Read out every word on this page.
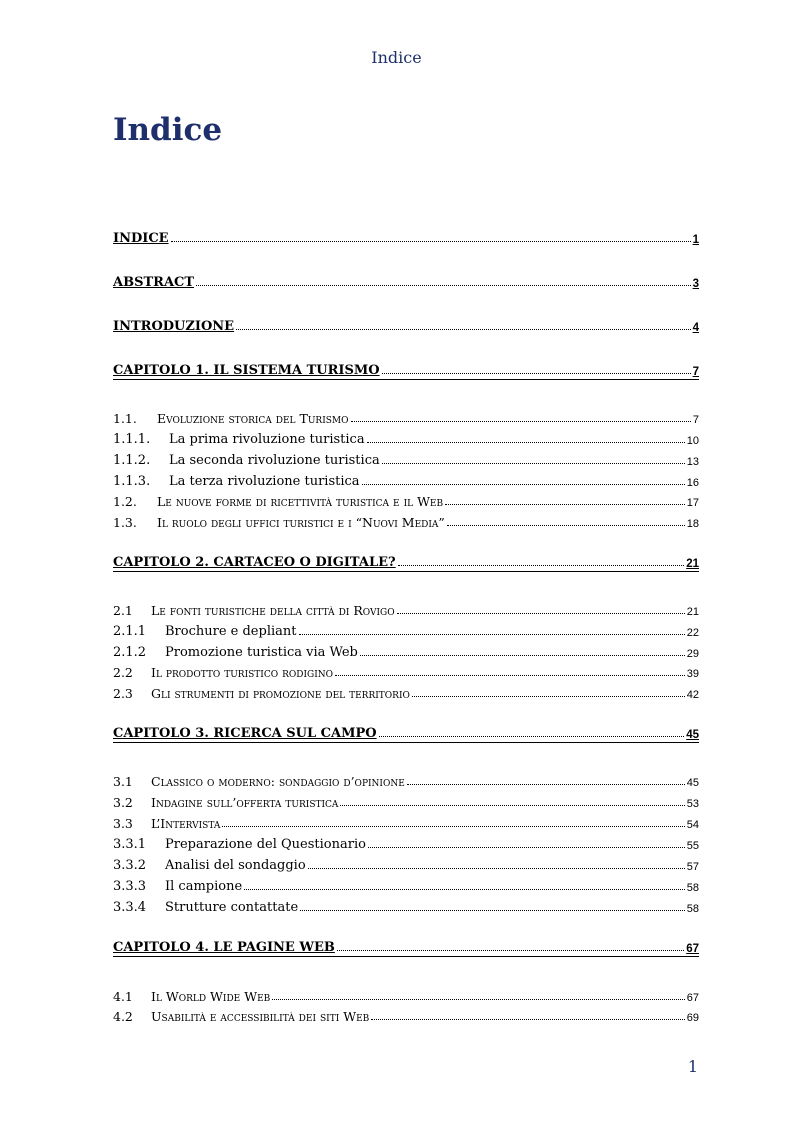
Indice
Indice
INDICE	1
ABSTRACT	3
INTRODUZIONE	4
CAPITOLO 1. IL SISTEMA TURISMO	7
1.1.	Evoluzione storica del Turismo	7
1.1.1.	La prima rivoluzione turistica	10
1.1.2.	La seconda rivoluzione turistica	13
1.1.3.	La terza rivoluzione turistica	16
1.2.	Le nuove forme di ricettività turistica e il Web	17
1.3.	Il ruolo degli uffici turistici e i “Nuovi Media”	18
CAPITOLO 2. CARTACEO O DIGITALE?	21
2.1	Le fonti turistiche della città di Rovigo	21
2.1.1	Brochure e depliant	22
2.1.2	Promozione turistica via Web	29
2.2	Il prodotto turistico rodigino	39
2.3	Gli strumenti di promozione del territorio	42
CAPITOLO 3. RICERCA SUL CAMPO	45
3.1	Classico o moderno: sondaggio d’opinione	45
3.2	Indagine sull’offerta turistica	53
3.3	L’Intervista	54
3.3.1	Preparazione del Questionario	55
3.3.2	Analisi del sondaggio	57
3.3.3	Il campione	58
3.3.4	Strutture contattate	58
CAPITOLO 4. LE PAGINE WEB	67
4.1	Il World Wide Web	67
4.2	Usabilità e accessibilità dei siti Web	69
1
